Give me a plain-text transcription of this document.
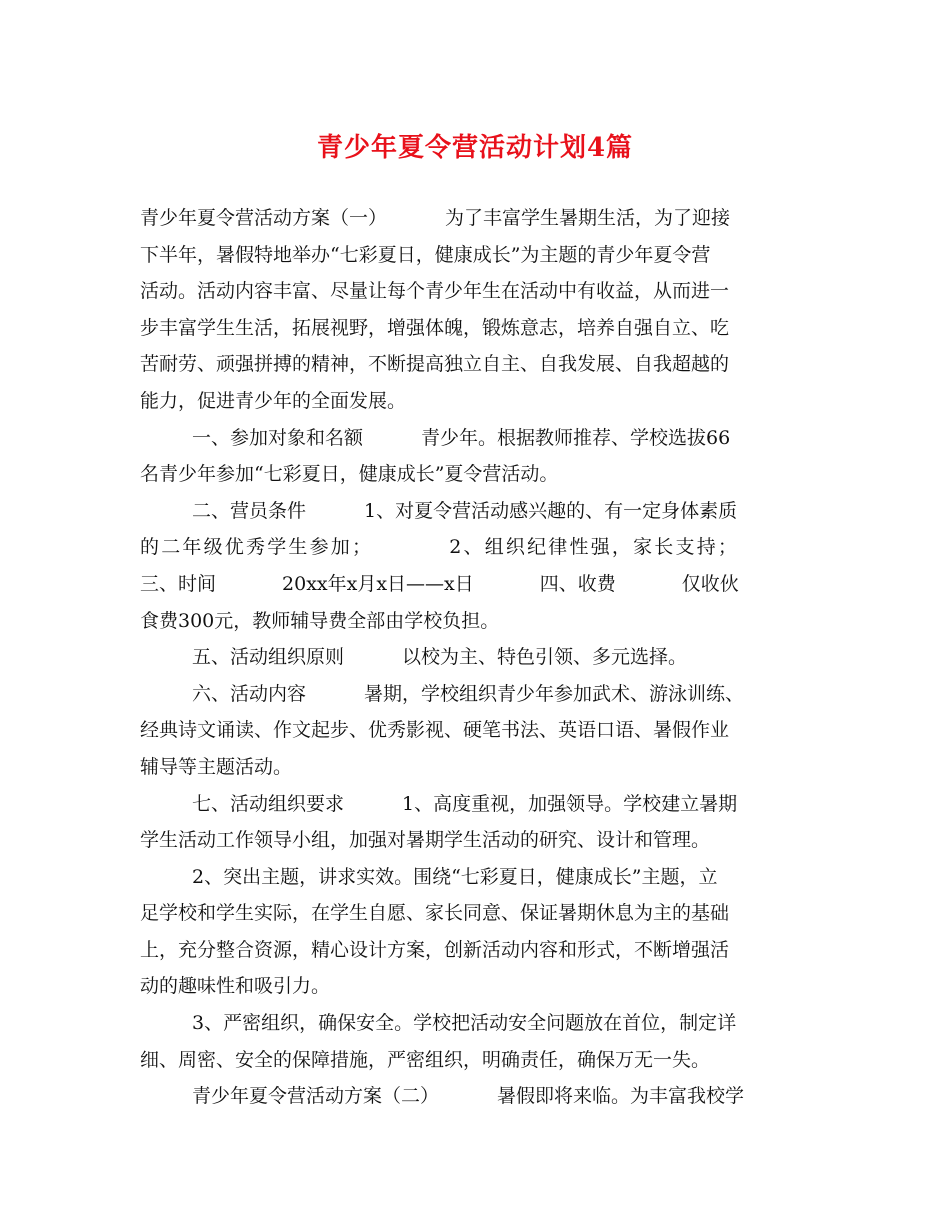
青少年夏令营活动计划4篇
青少年夏令营活动方案（一）	为了丰富学生暑期生活，为了迎接
下半年，暑假特地举办“七彩夏日，健康成长”为主题的青少年夏令营
活动。活动内容丰富、尽量让每个青少年生在活动中有收益，从而进一
步丰富学生生活，拓展视野，增强体魄，锻炼意志，培养自强自立、吃
苦耐劳、顽强拼搏的精神，不断提高独立自主、自我发展、自我超越的
能力，促进青少年的全面发展。
一、参加对象和名额	青少年。根据教师推荐、学校选拔66
名青少年参加“七彩夏日，健康成长”夏令营活动。
二、营员条件	1、对夏令营活动感兴趣的、有一定身体素质
的二年级优秀学生参加；	2、组织纪律性强，家长支持；
三、时间	20xx年x月x日——x日	四、收费	仅收伙
食费300元，教师辅导费全部由学校负担。
五、活动组织原则	以校为主、特色引领、多元选择。
六、活动内容	暑期，学校组织青少年参加武术、游泳训练、
经典诗文诵读、作文起步、优秀影视、硬笔书法、英语口语、暑假作业
辅导等主题活动。
七、活动组织要求	1、高度重视，加强领导。学校建立暑期
学生活动工作领导小组，加强对暑期学生活动的研究、设计和管理。
2、突出主题，讲求实效。围绕“七彩夏日，健康成长”主题，立
足学校和学生实际，在学生自愿、家长同意、保证暑期休息为主的基础
上，充分整合资源，精心设计方案，创新活动内容和形式，不断增强活
动的趣味性和吸引力。
3、严密组织，确保安全。学校把活动安全问题放在首位，制定详
细、周密、安全的保障措施，严密组织，明确责任，确保万无一失。
青少年夏令营活动方案（二）	暑假即将来临。为丰富我校学
